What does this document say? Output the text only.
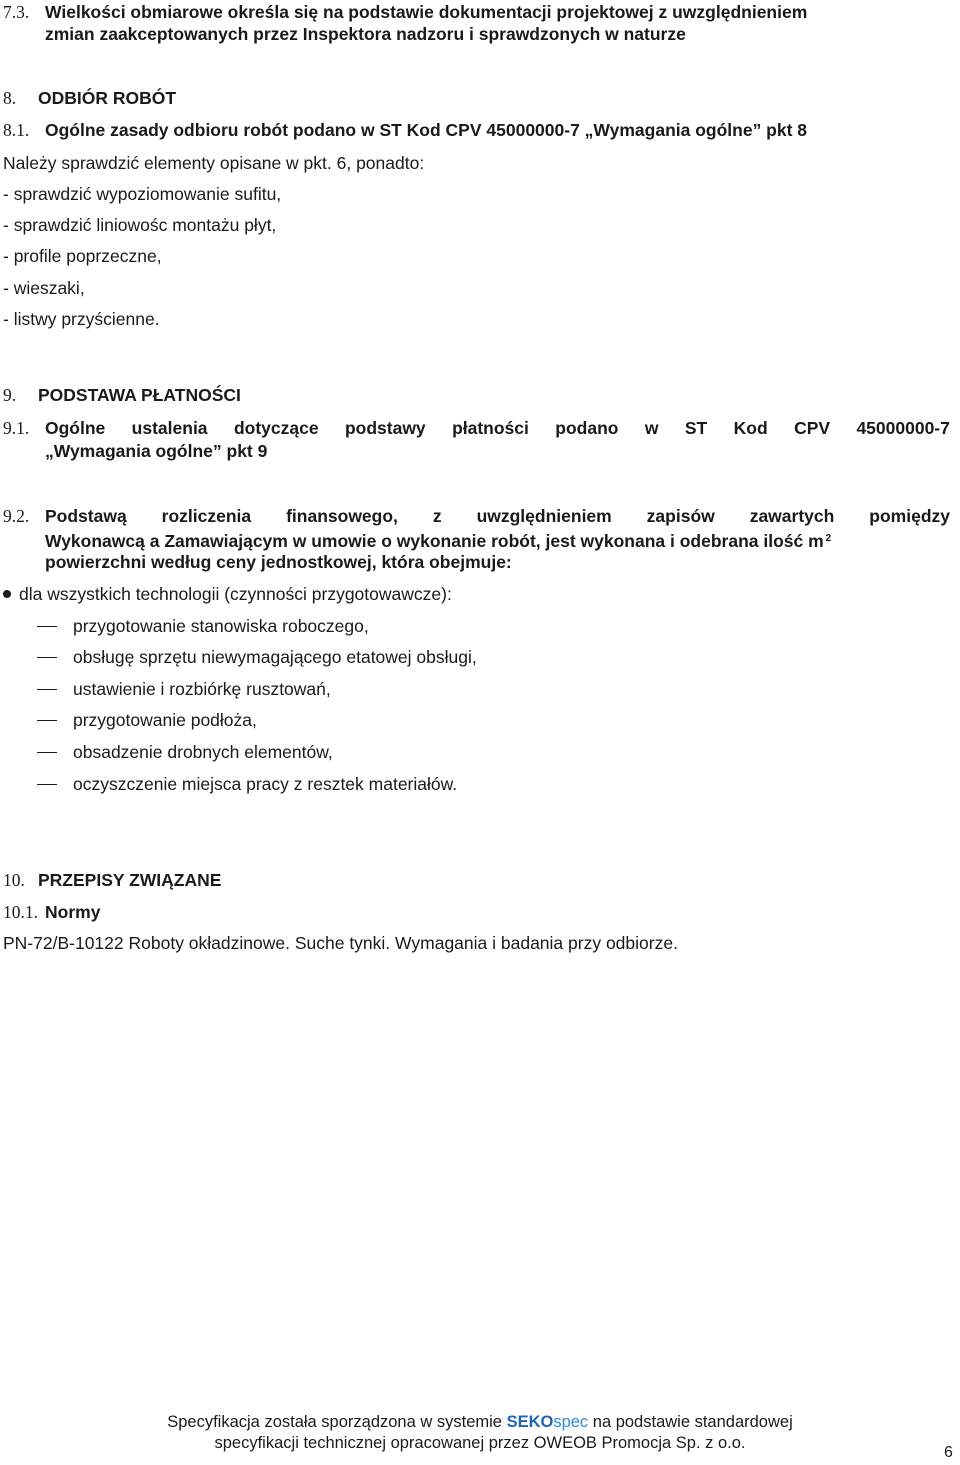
7.3. Wielkości obmiarowe określa się na podstawie dokumentacji projektowej z uwzględnieniem
zmian zaakceptowanych przez Inspektora nadzoru i sprawdzonych w naturze
8. ODBIÓR ROBÓT
8.1. Ogólne zasady odbioru robót podano w ST Kod CPV 45000000-7 „Wymagania ogólne” pkt 8
Należy sprawdzić elementy opisane w pkt. 6, ponadto:
- sprawdzić wypoziomowanie sufitu,
- sprawdzić liniowośc montażu płyt,
- profile poprzeczne,
- wieszaki,
- listwy przyścienne.
9. PODSTAWA PŁATNOŚCI
9.1. Ogólne ustalenia dotyczące podstawy płatności podano w ST Kod CPV 45000000-7
„Wymagania ogólne” pkt 9
9.2. Podstawą rozliczenia finansowego, z uwzględnieniem zapisów zawartych pomiędzy
Wykonawcą a Zamawiającym w umowie o wykonanie robót, jest wykonana i odebrana ilość m $^2$
powierzchni według ceny jednostkowej, która obejmuje:
dla wszystkich technologii (czynności przygotowawcze):
przygotowanie stanowiska roboczego,
obsługę sprzętu niewymagającego etatowej obsługi,
ustawienie i rozbiórkę rusztowań,
przygotowanie podłoża,
obsadzenie drobnych elementów,
oczyszczenie miejsca pracy z resztek materiałów.
10. PRZEPISY ZWIĄZANE
10.1. Normy
PN-72/B-10122 Roboty okładzinowe. Suche tynki. Wymagania i badania przy odbiorze.
Specyfikacja została sporządzona w systemie SEKOspec na podstawie standardowej
specyfikacji technicznej opracowanej przez OWEOB Promocja Sp. z o.o.
6
